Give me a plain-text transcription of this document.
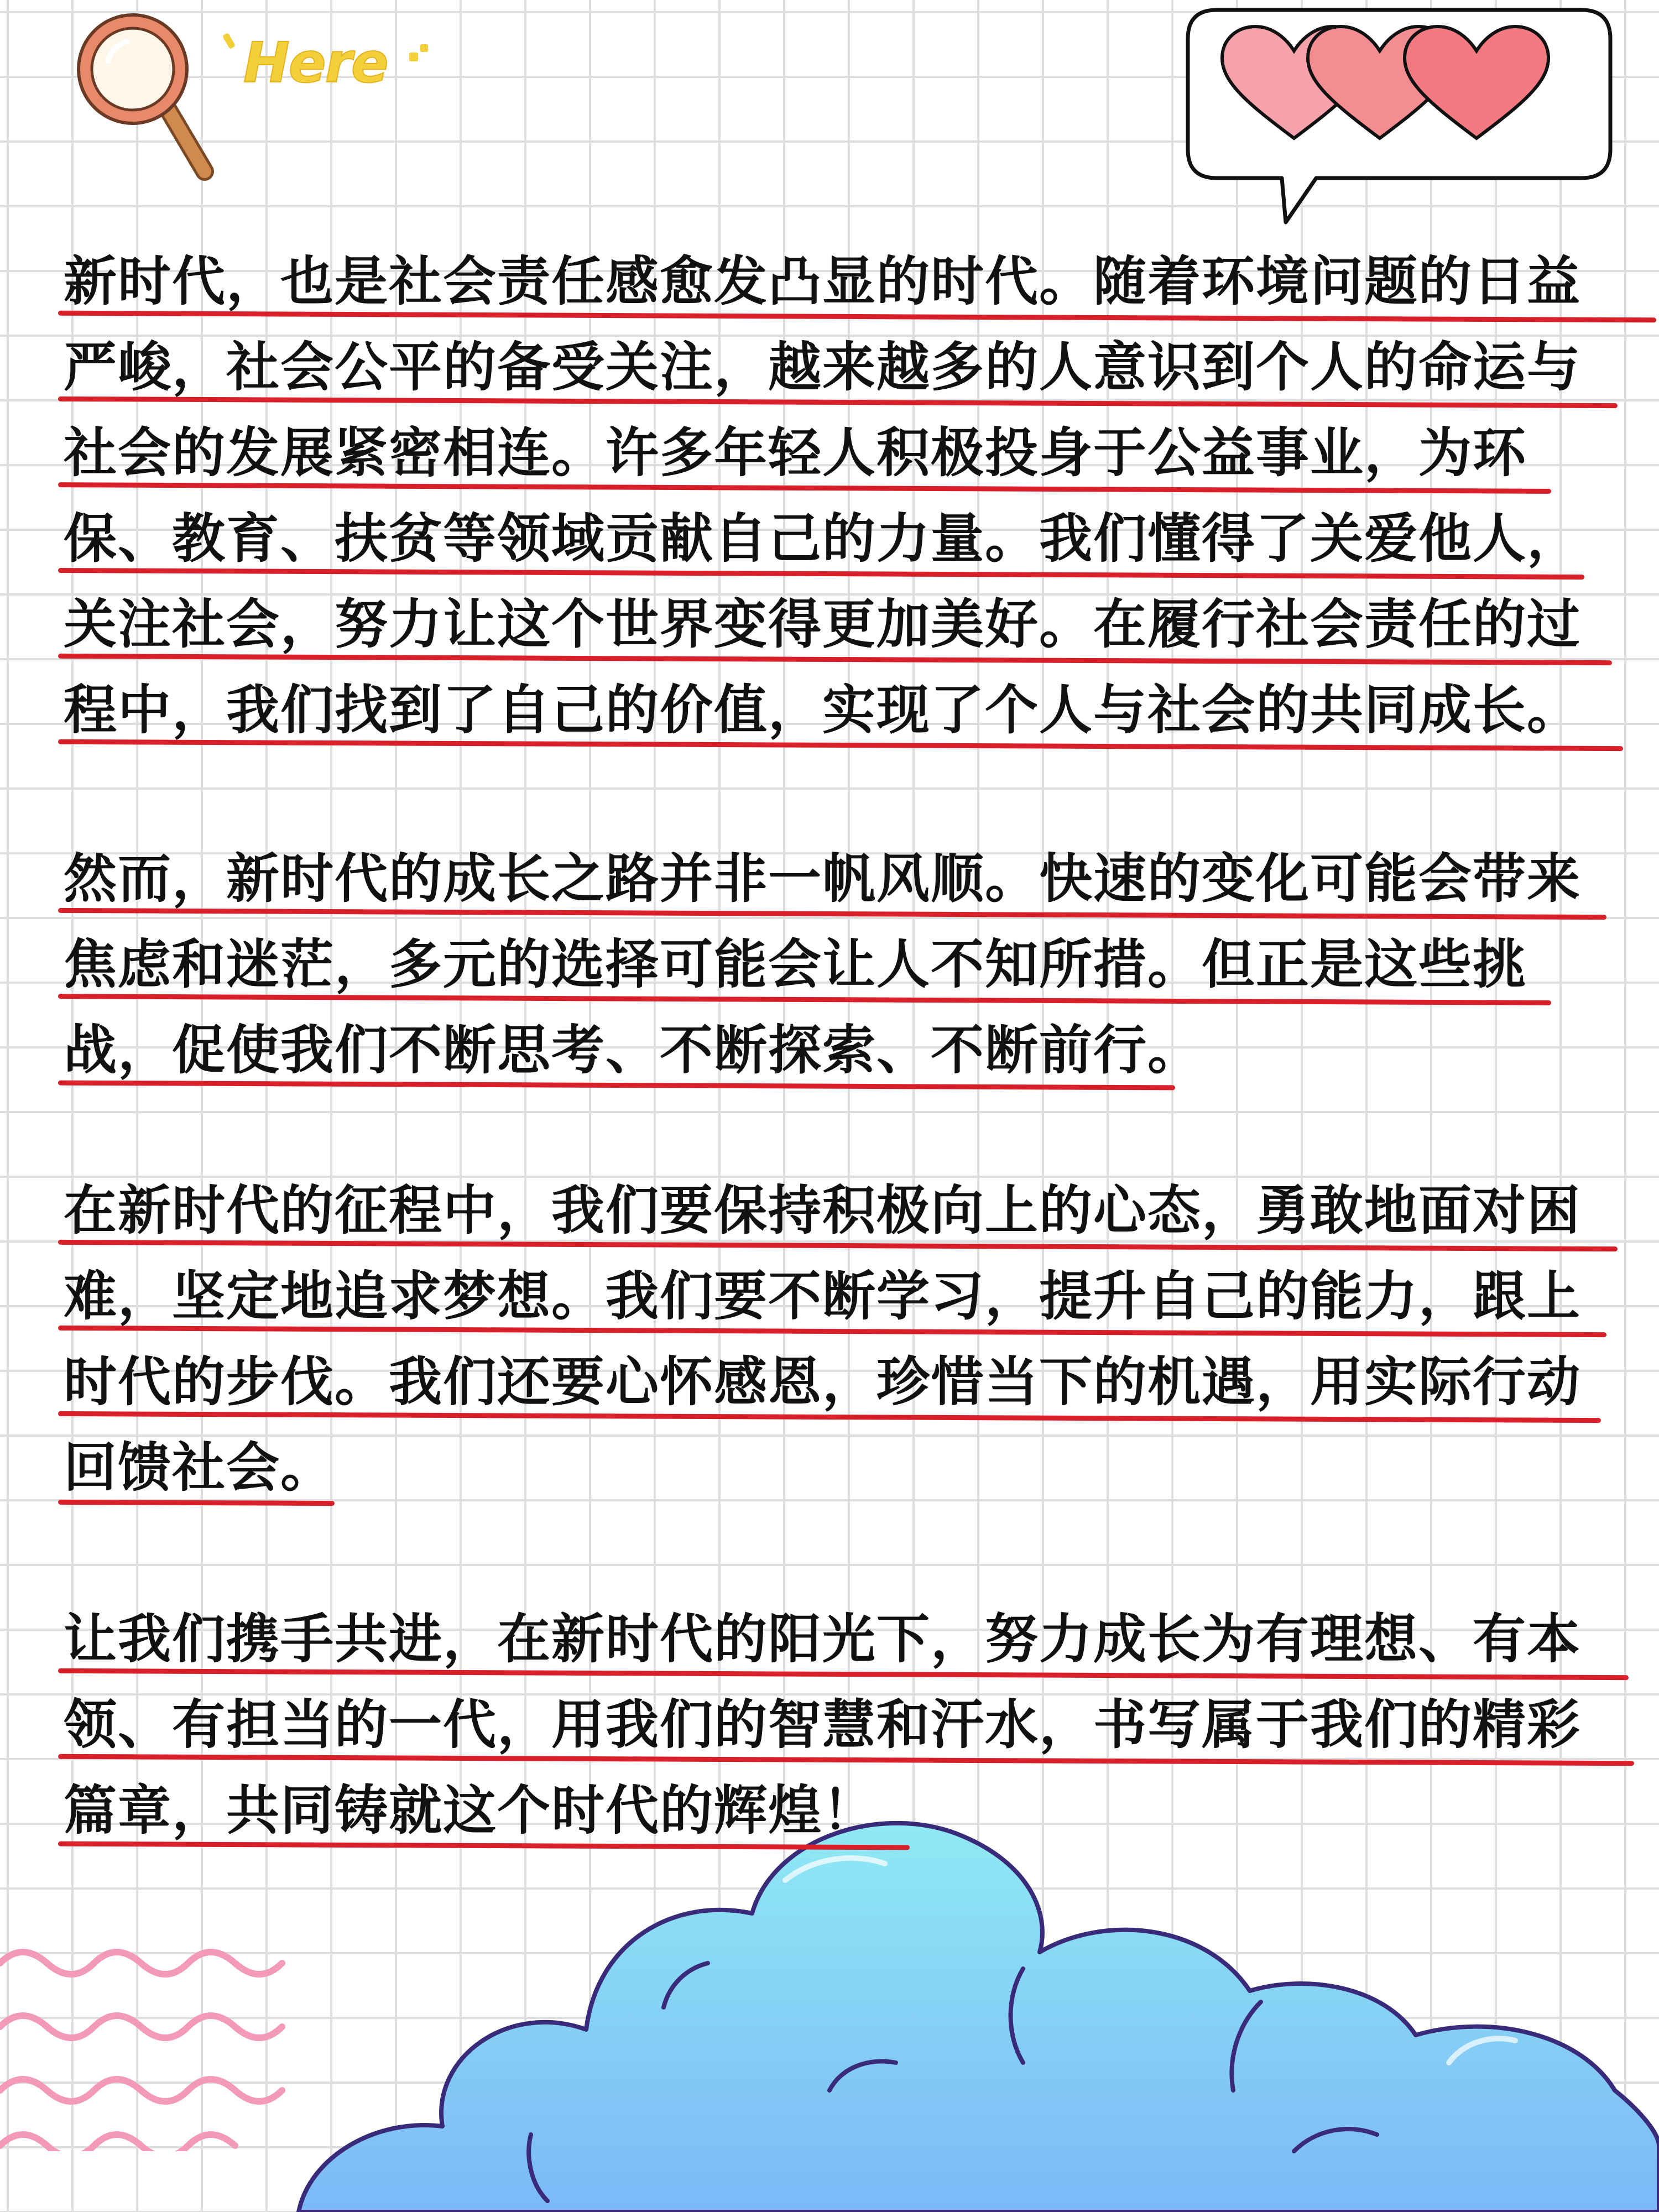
Here
新时代，也是社会责任感愈发凸显的时代。随着环境问题的日益
严峻，社会公平的备受关注，越来越多的人意识到个人的命运与
社会的发展紧密相连。许多年轻人积极投身于公益事业，为环
保、教育、扶贫等领域贡献自己的力量。我们懂得了关爱他人，
关注社会，努力让这个世界变得更加美好。在履行社会责任的过
程中，我们找到了自己的价值，实现了个人与社会的共同成长。
然而，新时代的成长之路并非一帆风顺。快速的变化可能会带来
焦虑和迷茫，多元的选择可能会让人不知所措。但正是这些挑
战，促使我们不断思考、不断探索、不断前行。
在新时代的征程中，我们要保持积极向上的心态，勇敢地面对困
难，坚定地追求梦想。我们要不断学习，提升自己的能力，跟上
时代的步伐。我们还要心怀感恩，珍惜当下的机遇，用实际行动
回馈社会。
让我们携手共进，在新时代的阳光下，努力成长为有理想、有本
领、有担当的一代，用我们的智慧和汗水，书写属于我们的精彩
篇章，共同铸就这个时代的辉煌！
